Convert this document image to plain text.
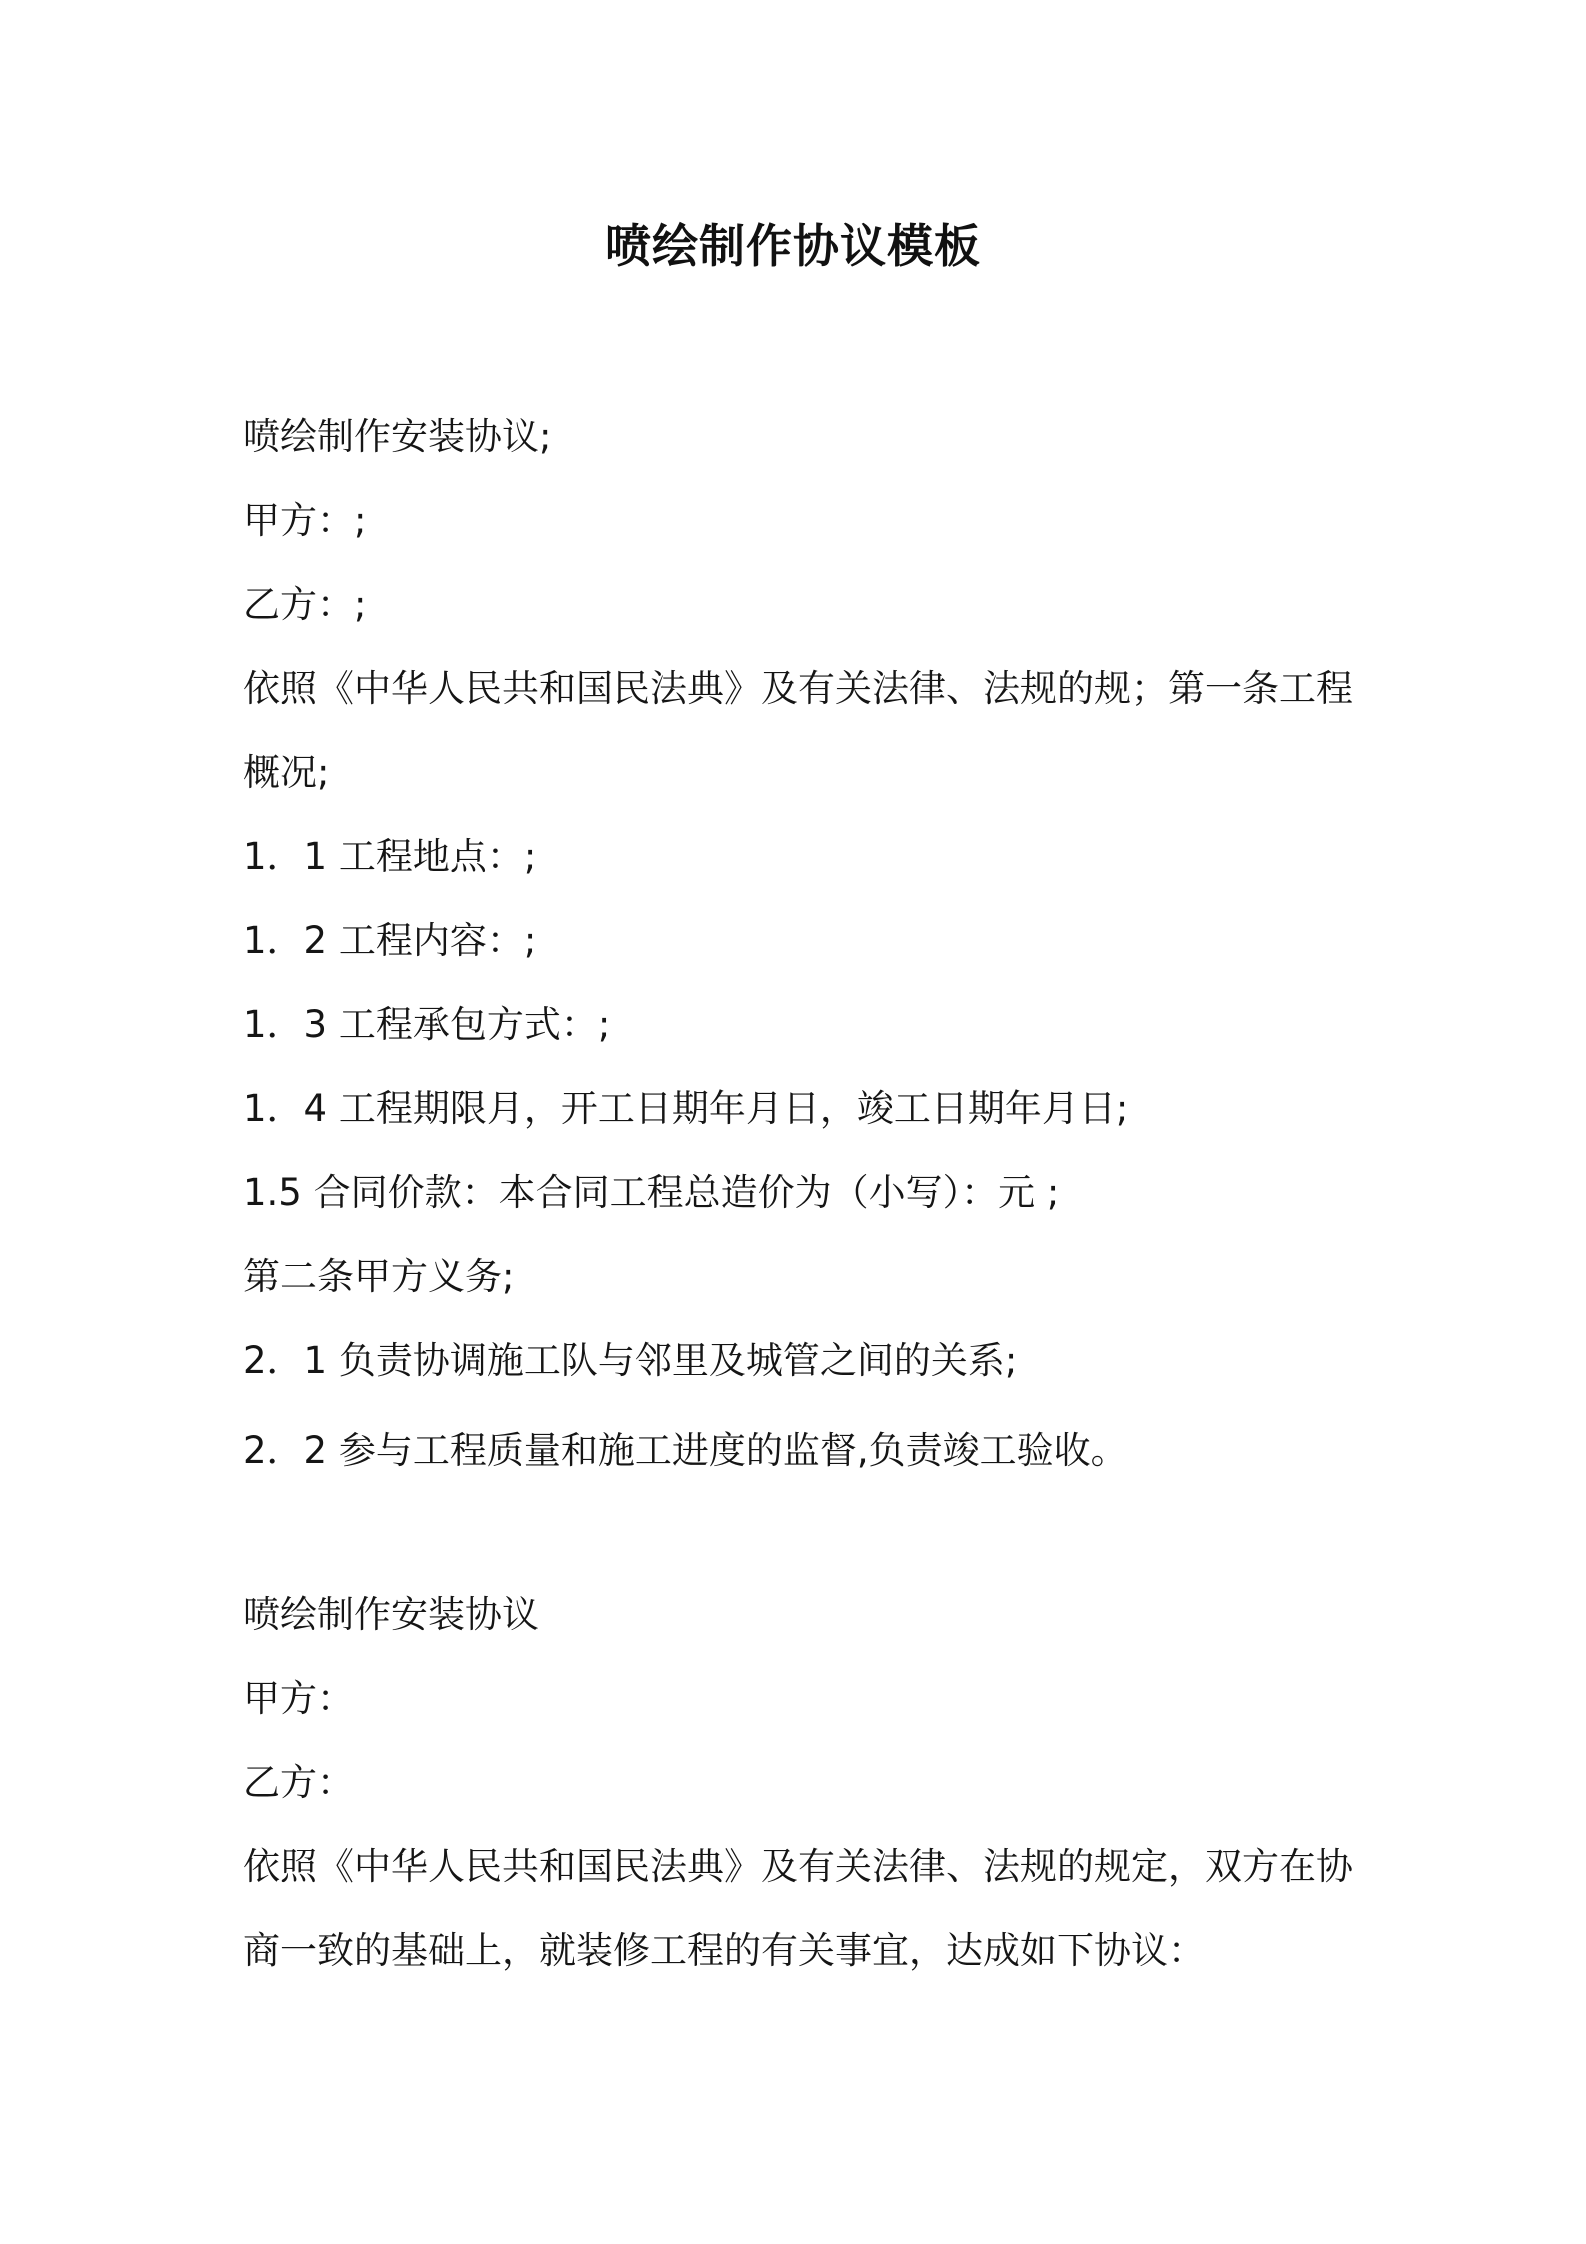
喷绘制作协议模板

喷绘制作安装协议;

甲方：;

乙方：;

依照《中华人民共和国民法典》及有关法律、法规的规；第一条工程

概况;

1．1 工程地点：;

1．2 工程内容：;

1．3 工程承包方式：;

1．4 工程期限月，开工日期年月日，竣工日期年月日;

1.5 合同价款：本合同工程总造价为（小写）：元 ;

第二条甲方义务;

2．1 负责协调施工队与邻里及城管之间的关系;

2．2 参与工程质量和施工进度的监督,负责竣工验收。

喷绘制作安装协议

甲方：

乙方：

依照《中华人民共和国民法典》及有关法律、法规的规定，双方在协

商一致的基础上，就装修工程的有关事宜，达成如下协议：
